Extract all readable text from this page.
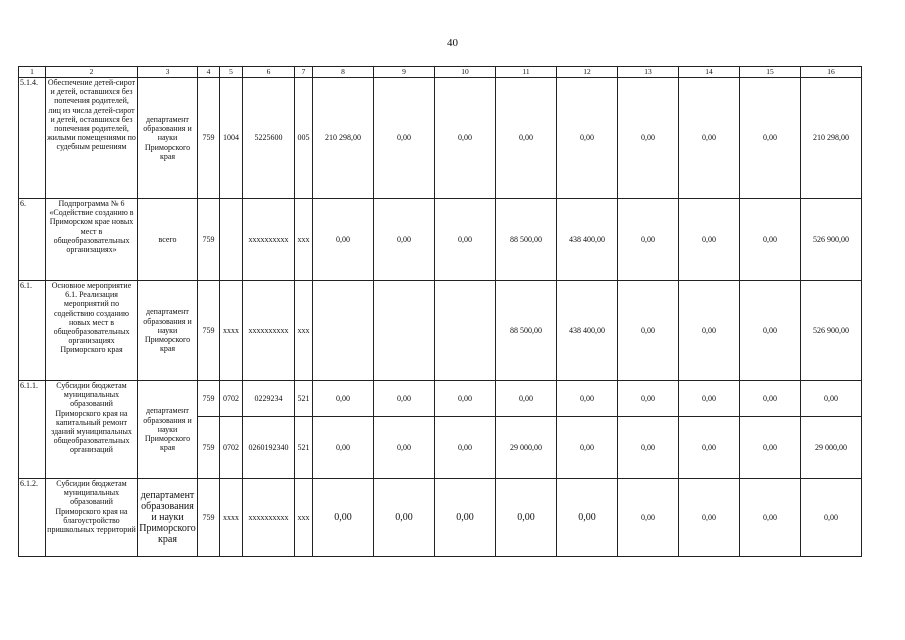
40
1	2	3	4	5	6	7	8	9	10	11	12	13	14	15	16
5.1.4.	Обеспечение детей-сирот и детей, оставшихся без попечения родителей, лиц из числа детей-сирот и детей, оставшихся без попечения родителей, жилыми помещениями по судебным решениям	департамент образования и науки Приморского края	759	1004	5225600	005	210 298,00	0,00	0,00	0,00	0,00	0,00	0,00	0,00	210 298,00
6.	Подпрограмма № 6 «Содействие созданию в Приморском крае новых мест в общеобразовательных организациях»	всего	759		xxxxxxxxxx	xxx	0,00	0,00	0,00	88 500,00	438 400,00	0,00	0,00	0,00	526 900,00
6.1.	Основное мероприятие 6.1. Реализация мероприятий по содействию созданию новых мест в общеобразовательных организациях Приморского края	департамент образования и науки Приморского края	759	xxxx	xxxxxxxxxx	xxx				88 500,00	438 400,00	0,00	0,00	0,00	526 900,00
6.1.1.	Субсидии бюджетам муниципальных образований Приморского края на капитальный ремонт зданий муниципальных общеобразовательных организаций	департамент образования и науки Приморского края	759	0702	0229234	521	0,00	0,00	0,00	0,00	0,00	0,00	0,00	0,00	0,00
			759	0702	0260192340	521	0,00	0,00	0,00	29 000,00	0,00	0,00	0,00	0,00	29 000,00
6.1.2.	Субсидии бюджетам муниципальных образований Приморского края на благоустройство пришкольных территорий	департамент образования и науки Приморского края	759	xxxx	xxxxxxxxxx	xxx	0,00	0,00	0,00	0,00	0,00	0,00	0,00	0,00	0,00
